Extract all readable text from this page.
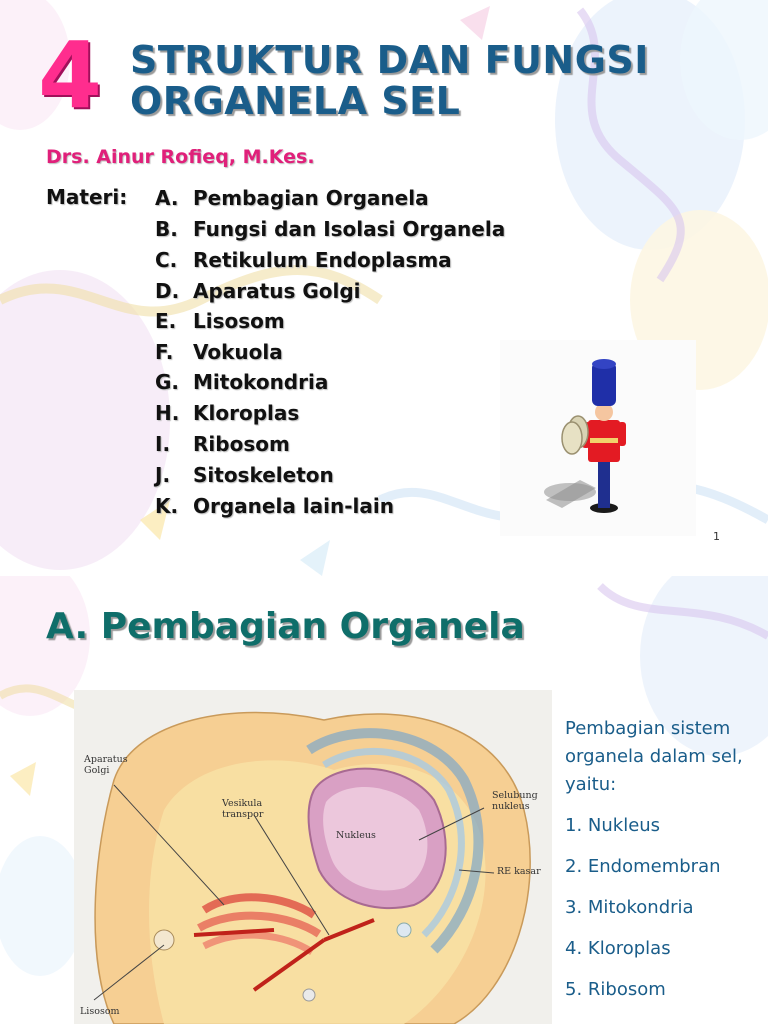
4 STRUKTUR DAN FUNGSI
ORGANELA SEL
Drs. Ainur Rofieq, M.Kes.
Materi: A. Pembagian Organela
B. Fungsi dan Isolasi Organela
C. Retikulum Endoplasma
D. Aparatus Golgi
E. Lisosom
F. Vokuola
G. Mitokondria
H. Kloroplas
I. Ribosom
J. Sitoskeleton
K. Organela lain-lain
1
A. Pembagian Organela
Aparatus
Golgi
Vesikula
transpor
Nukleus
Selubung
nukleus
RE kasar
Lisosom
Pembagian sistem organela dalam sel, yaitu:
1. Nukleus
2. Endomembran
3. Mitokondria
4. Kloroplas
5. Ribosom
